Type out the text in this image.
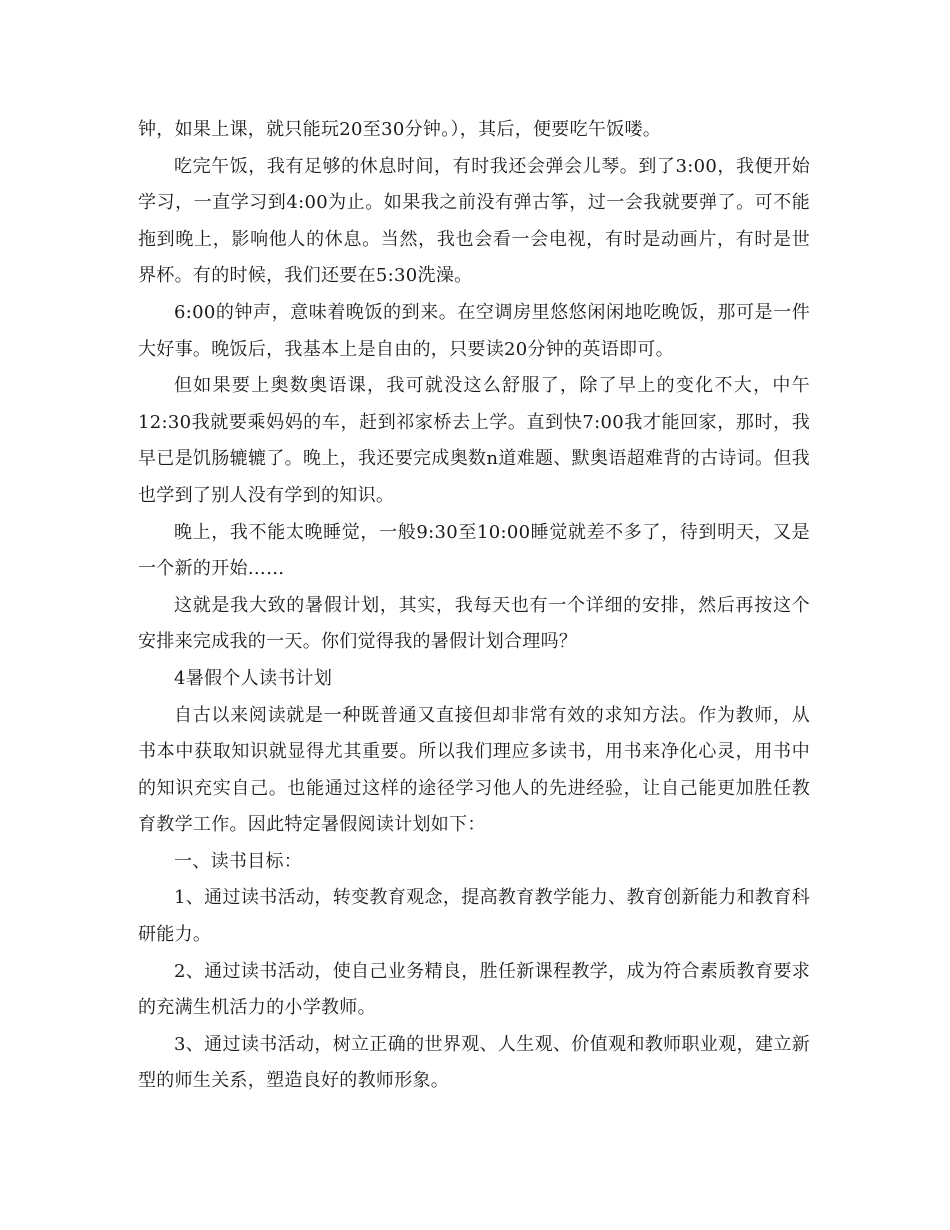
钟，如果上课，就只能玩20至30分钟。），其后，便要吃午饭喽。

吃完午饭，我有足够的休息时间，有时我还会弹会儿琴。到了3:00，我便开始学习，一直学习到4:00为止。如果我之前没有弹古筝，过一会我就要弹了。可不能拖到晚上，影响他人的休息。当然，我也会看一会电视，有时是动画片，有时是世界杯。有的时候，我们还要在5:30洗澡。

6:00的钟声，意味着晚饭的到来。在空调房里悠悠闲闲地吃晚饭，那可是一件大好事。晚饭后，我基本上是自由的，只要读20分钟的英语即可。

但如果要上奥数奥语课，我可就没这么舒服了，除了早上的变化不大，中午12:30我就要乘妈妈的车，赶到祁家桥去上学。直到快7:00我才能回家，那时，我早已是饥肠辘辘了。晚上，我还要完成奥数n道难题、默奥语超难背的古诗词。但我也学到了别人没有学到的知识。

晚上，我不能太晚睡觉，一般9:30至10:00睡觉就差不多了，待到明天，又是一个新的开始……

这就是我大致的暑假计划，其实，我每天也有一个详细的安排，然后再按这个安排来完成我的一天。你们觉得我的暑假计划合理吗？

4暑假个人读书计划

自古以来阅读就是一种既普通又直接但却非常有效的求知方法。作为教师，从书本中获取知识就显得尤其重要。所以我们理应多读书，用书来净化心灵，用书中的知识充实自己。也能通过这样的途径学习他人的先进经验，让自己能更加胜任教育教学工作。因此特定暑假阅读计划如下：

一、读书目标：

1、通过读书活动，转变教育观念，提高教育教学能力、教育创新能力和教育科研能力。

2、通过读书活动，使自己业务精良，胜任新课程教学，成为符合素质教育要求的充满生机活力的小学教师。

3、通过读书活动，树立正确的世界观、人生观、价值观和教师职业观，建立新型的师生关系，塑造良好的教师形象。
